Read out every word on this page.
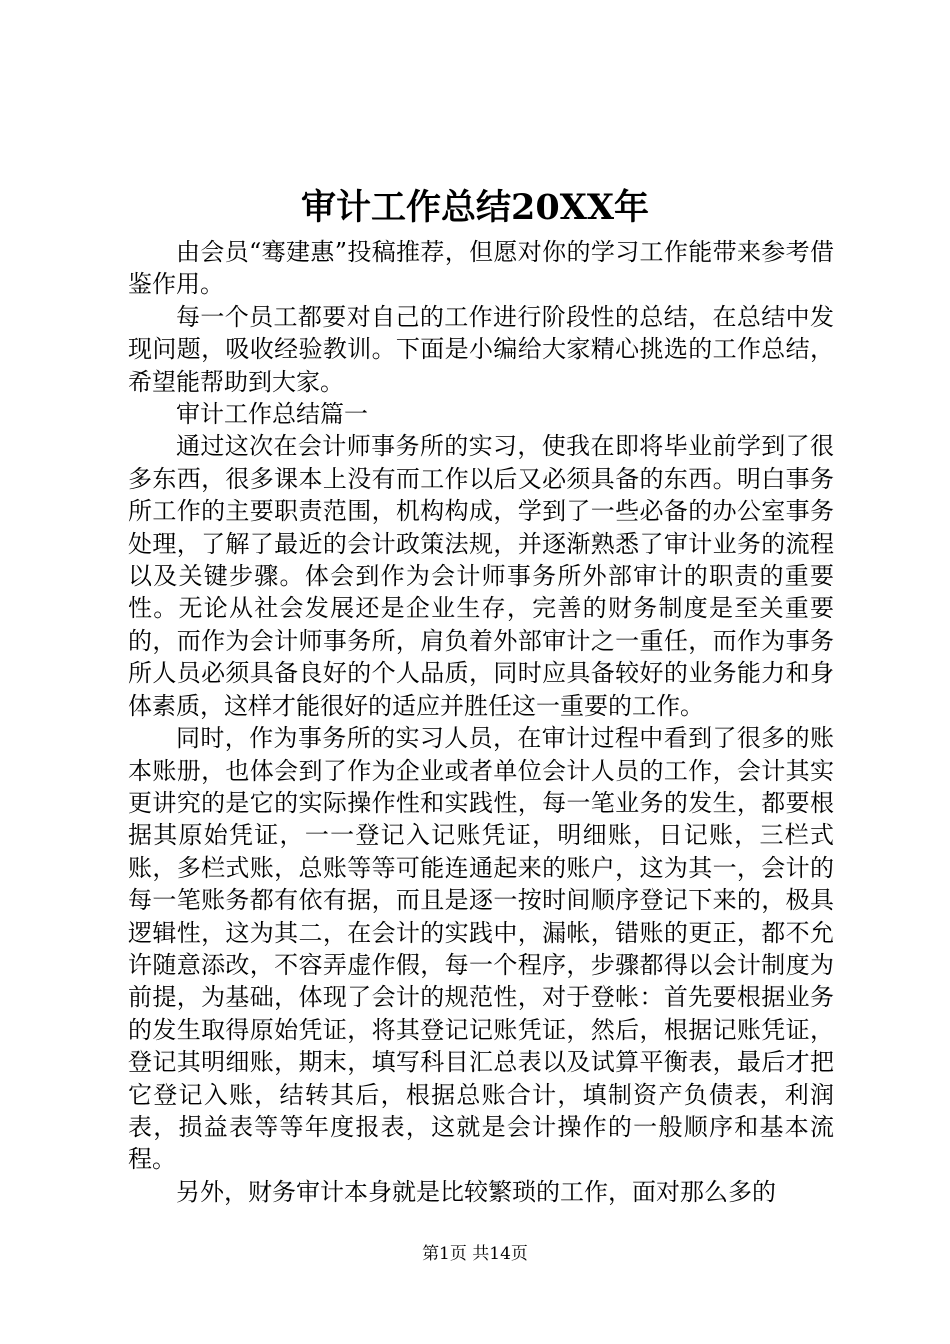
审计工作总结20XX年

由会员“骞建惠”投稿推荐，但愿对你的学习工作能带来参考借鉴作用。

每一个员工都要对自己的工作进行阶段性的总结，在总结中发现问题，吸收经验教训。下面是小编给大家精心挑选的工作总结，希望能帮助到大家。

审计工作总结篇一

通过这次在会计师事务所的实习，使我在即将毕业前学到了很多东西，很多课本上没有而工作以后又必须具备的东西。明白事务所工作的主要职责范围，机构构成，学到了一些必备的办公室事务处理，了解了最近的会计政策法规，并逐渐熟悉了审计业务的流程以及关键步骤。体会到作为会计师事务所外部审计的职责的重要性。无论从社会发展还是企业生存，完善的财务制度是至关重要的，而作为会计师事务所，肩负着外部审计之一重任，而作为事务所人员必须具备良好的个人品质，同时应具备较好的业务能力和身体素质，这样才能很好的适应并胜任这一重要的工作。

同时，作为事务所的实习人员，在审计过程中看到了很多的账本账册，也体会到了作为企业或者单位会计人员的工作，会计其实更讲究的是它的实际操作性和实践性，每一笔业务的发生，都要根据其原始凭证，一一登记入记账凭证，明细账，日记账，三栏式账，多栏式账，总账等等可能连通起来的账户，这为其一，会计的每一笔账务都有依有据，而且是逐一按时间顺序登记下来的，极具逻辑性，这为其二，在会计的实践中，漏帐，错账的更正，都不允许随意添改，不容弄虚作假，每一个程序，步骤都得以会计制度为前提，为基础，体现了会计的规范性，对于登帐：首先要根据业务的发生取得原始凭证，将其登记记账凭证，然后，根据记账凭证，登记其明细账，期末，填写科目汇总表以及试算平衡表，最后才把它登记入账，结转其后，根据总账合计，填制资产负债表，利润表，损益表等等年度报表，这就是会计操作的一般顺序和基本流程。

另外，财务审计本身就是比较繁琐的工作，面对那么多的

第1页 共14页
